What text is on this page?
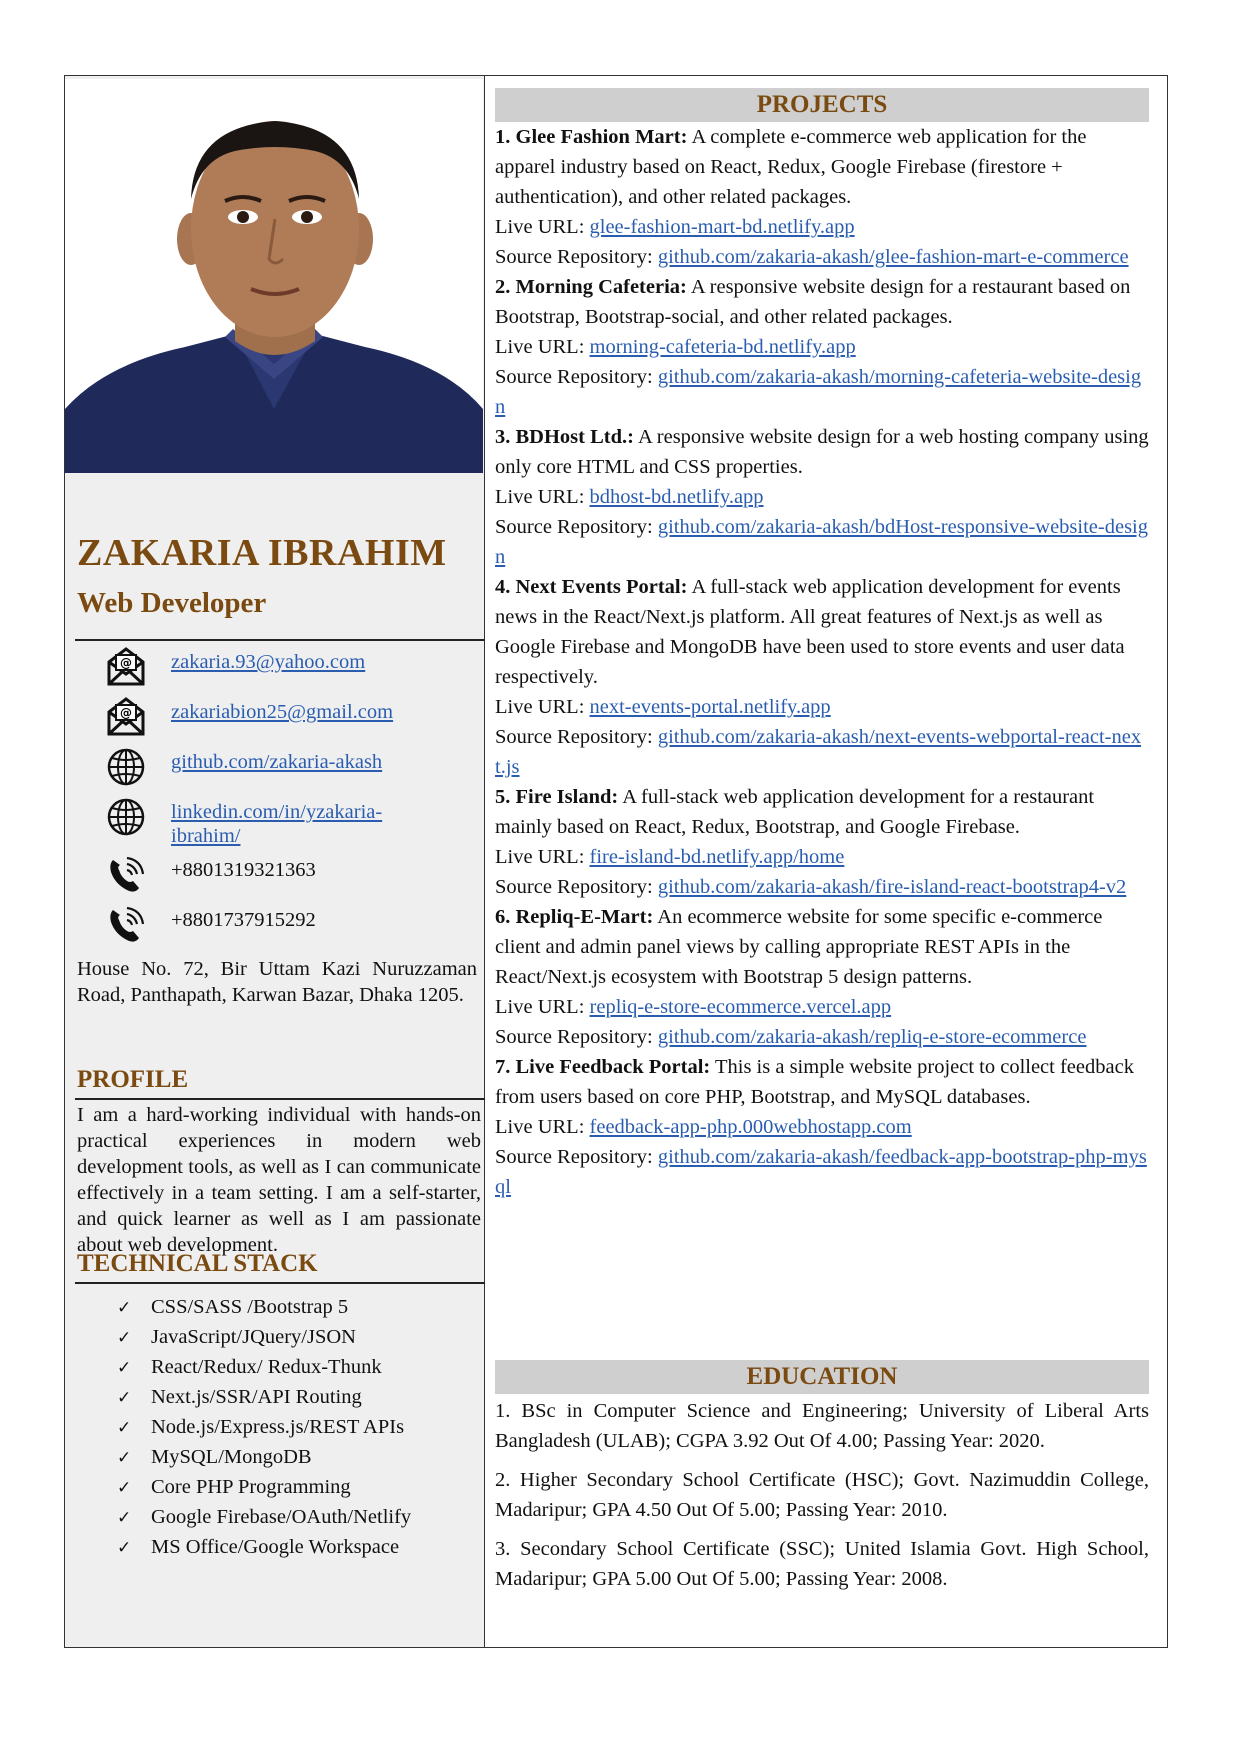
ZAKARIA IBRAHIM
Web Developer
@ zakaria.93@yahoo.com
@ zakariabion25@gmail.com
github.com/zakaria-akash
linkedin.com/in/yzakaria-ibrahim/
+8801319321363
+8801737915292

House No. 72, Bir Uttam Kazi Nuruzzaman Road, Panthapath, Karwan Bazar, Dhaka 1205.

PROFILE

I am a hard-working individual with hands-on practical experiences in modern web development tools, as well as I can communicate effectively in a team setting. I am a self-starter, and quick learner as well as I am passionate about web development.

TECHNICAL STACK
✓ CSS/SASS /Bootstrap 5
✓ JavaScript/JQuery/JSON
✓ React/Redux/ Redux-Thunk
✓ Next.js/SSR/API Routing
✓ Node.js/Express.js/REST APIs
✓ MySQL/MongoDB
✓ Core PHP Programming
✓ Google Firebase/OAuth/Netlify
✓ MS Office/Google Workspace
PROJECTS

1. Glee Fashion Mart: A complete e-commerce web application for the apparel industry based on React, Redux, Google Firebase (firestore + authentication), and other related packages.

Live URL: glee-fashion-mart-bd.netlify.app

Source Repository: github.com/zakaria-akash/glee-fashion-mart-e-commerce

2. Morning Cafeteria: A responsive website design for a restaurant based on Bootstrap, Bootstrap-social, and other related packages.

Live URL: morning-cafeteria-bd.netlify.app

Source Repository: github.com/zakaria-akash/morning-cafeteria-website-design

3. BDHost Ltd.: A responsive website design for a web hosting company using only core HTML and CSS properties.

Live URL: bdhost-bd.netlify.app

Source Repository: github.com/zakaria-akash/bdHost-responsive-website-design

4. Next Events Portal: A full-stack web application development for events news in the React/Next.js platform. All great features of Next.js as well as Google Firebase and MongoDB have been used to store events and user data respectively.

Live URL: next-events-portal.netlify.app

Source Repository: github.com/zakaria-akash/next-events-webportal-react-next.js

5. Fire Island: A full-stack web application development for a restaurant mainly based on React, Redux, Bootstrap, and Google Firebase.

Live URL: fire-island-bd.netlify.app/home

Source Repository: github.com/zakaria-akash/fire-island-react-bootstrap4-v2

6. Repliq-E-Mart: An ecommerce website for some specific e-commerce client and admin panel views by calling appropriate REST APIs in the React/Next.js ecosystem with Bootstrap 5 design patterns.

Live URL: repliq-e-store-ecommerce.vercel.app

Source Repository: github.com/zakaria-akash/repliq-e-store-ecommerce

7. Live Feedback Portal: This is a simple website project to collect feedback from users based on core PHP, Bootstrap, and MySQL databases.

Live URL: feedback-app-php.000webhostapp.com

Source Repository: github.com/zakaria-akash/feedback-app-bootstrap-php-mysql

EDUCATION

1. BSc in Computer Science and Engineering; University of Liberal Arts Bangladesh (ULAB); CGPA 3.92 Out Of 4.00; Passing Year: 2020.

2. Higher Secondary School Certificate (HSC); Govt. Nazimuddin College, Madaripur; GPA 4.50 Out Of 5.00; Passing Year: 2010.

3. Secondary School Certificate (SSC); United Islamia Govt. High School, Madaripur; GPA 5.00 Out Of 5.00; Passing Year: 2008.
